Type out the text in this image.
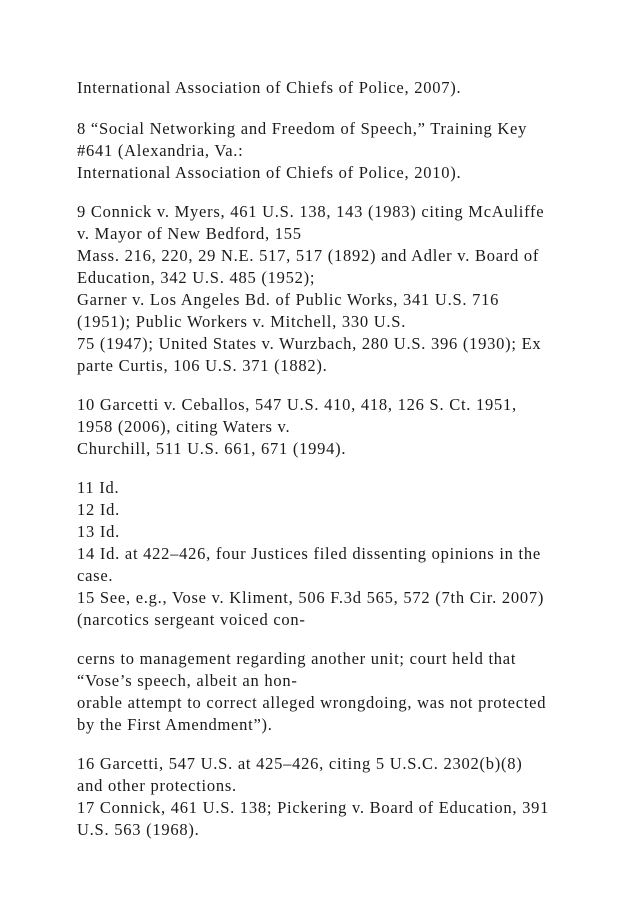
International Association of Chiefs of Police, 2007).

8 “Social Networking and Freedom of Speech,” Training Key

#641 (Alexandria, Va.:

International Association of Chiefs of Police, 2010).

9 Connick v. Myers, 461 U.S. 138, 143 (1983) citing McAuliffe

v. Mayor of New Bedford, 155

Mass. 216, 220, 29 N.E. 517, 517 (1892) and Adler v. Board of

Education, 342 U.S. 485 (1952);

Garner v. Los Angeles Bd. of Public Works, 341 U.S. 716

(1951); Public Workers v. Mitchell, 330 U.S.

75 (1947); United States v. Wurzbach, 280 U.S. 396 (1930); Ex

parte Curtis, 106 U.S. 371 (1882).

10 Garcetti v. Ceballos, 547 U.S. 410, 418, 126 S. Ct. 1951,

1958 (2006), citing Waters v.

Churchill, 511 U.S. 661, 671 (1994).

11 Id.

12 Id.

13 Id.

14 Id. at 422–426, four Justices filed dissenting opinions in the

case.

15 See, e.g., Vose v. Kliment, 506 F.3d 565, 572 (7th Cir. 2007)

(narcotics sergeant voiced con-

cerns to management regarding another unit; court held that

“Vose’s speech, albeit an hon-

orable attempt to correct alleged wrongdoing, was not protected

by the First Amendment”).

16 Garcetti, 547 U.S. at 425–426, citing 5 U.S.C. 2302(b)(8)

and other protections.

17 Connick, 461 U.S. 138; Pickering v. Board of Education, 391

U.S. 563 (1968).
